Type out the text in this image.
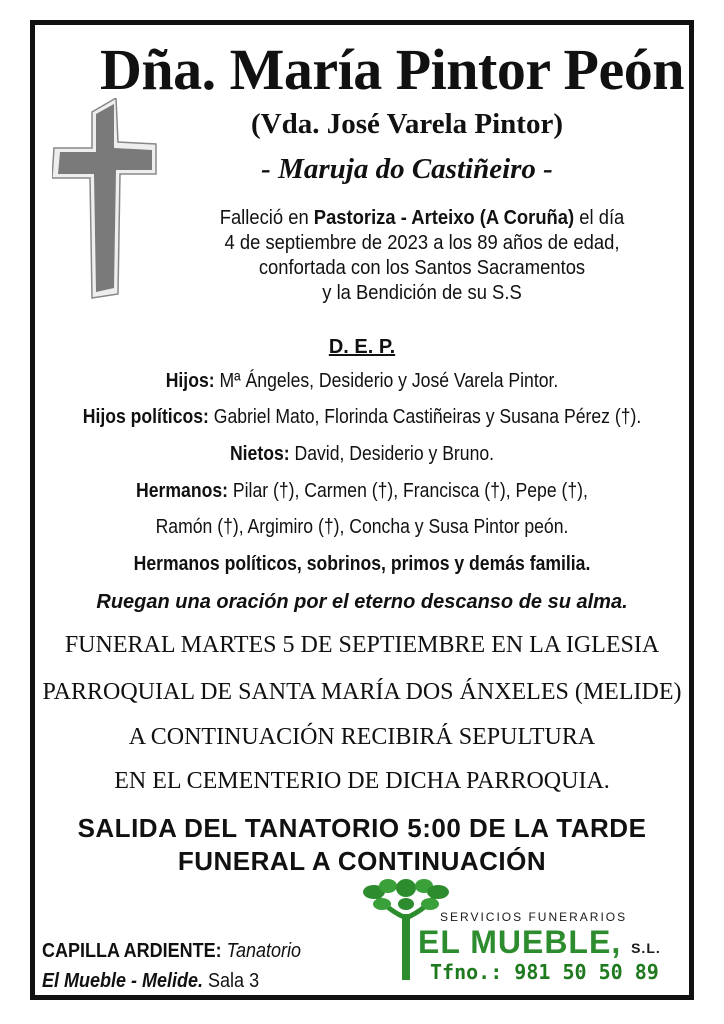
Dña. María Pintor Peón
(Vda. José Varela Pintor)
- Maruja do Castiñeiro -
Falleció en Pastoriza - Arteixo (A Coruña) el día
4 de septiembre de 2023 a los 89 años de edad,
confortada con los Santos Sacramentos
y la Bendición de su S.S
D. E. P.
Hijos: Mª Ángeles, Desiderio y José Varela Pintor.
Hijos políticos: Gabriel Mato, Florinda Castiñeiras y Susana Pérez (†).
Nietos: David, Desiderio y Bruno.
Hermanos: Pilar (†), Carmen (†), Francisca (†), Pepe (†),
Ramón (†), Argimiro (†), Concha y Susa Pintor peón.
Hermanos políticos, sobrinos, primos y demás familia.
Ruegan una oración por el eterno descanso de su alma.
FUNERAL MARTES 5 DE SEPTIEMBRE EN LA IGLESIA
PARROQUIAL DE SANTA MARÍA DOS ÁNXELES (MELIDE)
A CONTINUACIÓN RECIBIRÁ SEPULTURA
EN EL CEMENTERIO DE DICHA PARROQUIA.
SALIDA DEL TANATORIO 5:00 DE LA TARDE
FUNERAL A CONTINUACIÓN
CAPILLA ARDIENTE: Tanatorio
El Mueble - Melide. Sala 3
SERVICIOS FUNERARIOS
EL MUEBLE, S.L.
Tfno.: 981 50 50 89
